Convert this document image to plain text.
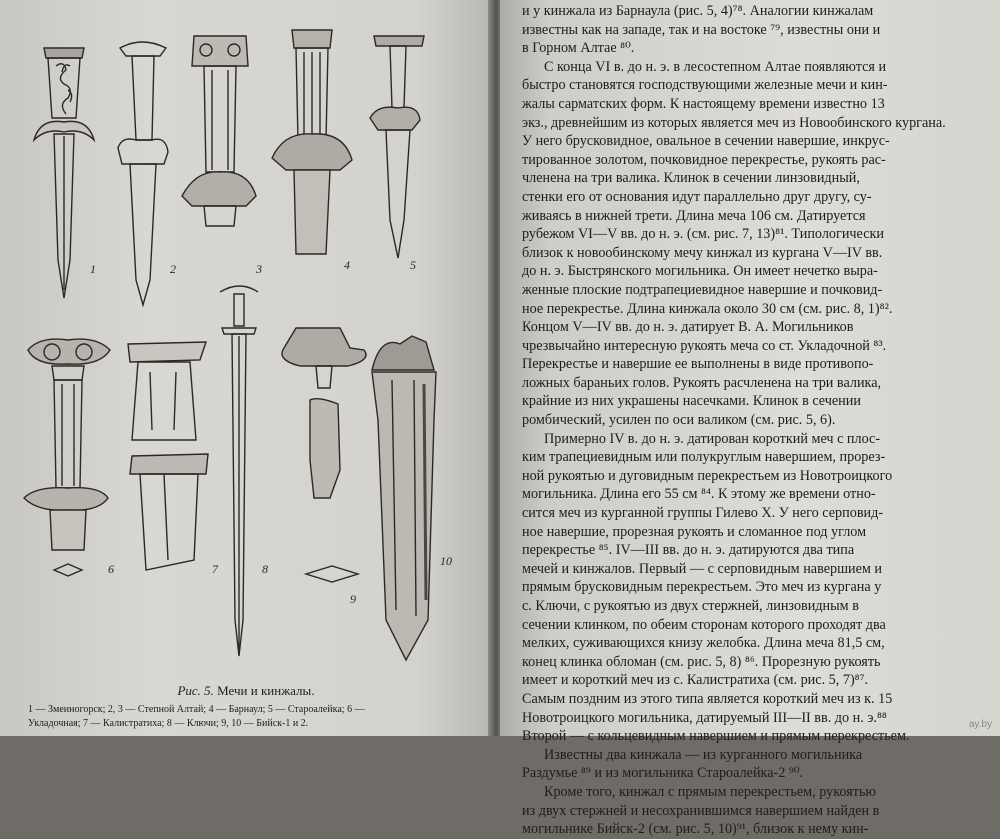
1	2	3	4	5
6	7	8
9
10
Рис. 5. Мечи и кинжалы.
1 — Змеиногорск; 2, 3 — Степной Алтай; 4 — Барнаул; 5 — Староалейка; 6 —
Укладочная; 7 — Калистратиха; 8 — Ключи; 9, 10 — Бийск-1 и 2.

и у кинжала из Барнаула (рис. 5, 4)⁷⁸. Аналогии кинжалам

известны как на западе, так и на востоке ⁷⁹, известны они и

в Горном Алтае ⁸⁰.

С конца VI в. до н. э. в лесостепном Алтае появляются и

быстро становятся господствующими железные мечи и кин-

жалы сарматских форм. К настоящему времени известно 13

экз., древнейшим из которых является меч из Новообинского кургана.

У него брусковидное, овальное в сечении навершие, инкрус-

тированное золотом, почковидное перекрестье, рукоять рас-

членена на три валика. Клинок в сечении линзовидный,

стенки его от основания идут параллельно друг другу, су-

живаясь в нижней трети. Длина меча 106 см. Датируется

рубежом VI—V вв. до н. э. (см. рис. 7, 13)⁸¹. Типологически

близок к новообинскому мечу кинжал из кургана V—IV вв.

до н. э. Быстрянского могильника. Он имеет нечетко выра-

женные плоские подтрапециевидное навершие и почковид-

ное перекрестье. Длина кинжала около 30 см (см. рис. 8, 1)⁸².

Концом V—IV вв. до н. э. датирует В. А. Могильников

чрезвычайно интересную рукоять меча со ст. Укладочной ⁸³.

Перекрестье и навершие ее выполнены в виде противопо-

ложных бараньих голов. Рукоять расчленена на три валика,

крайние из них украшены насечками. Клинок в сечении

ромбический, усилен по оси валиком (см. рис. 5, 6).

Примерно IV в. до н. э. датирован короткий меч с плос-

ким трапециевидным или полукруглым навершием, прорез-

ной рукоятью и дуговидным перекрестьем из Новотроицкого

могильника. Длина его 55 см ⁸⁴. К этому же времени отно-

сится меч из курганной группы Гилево X. У него серповид-

ное навершие, прорезная рукоять и сломанное под углом

перекрестье ⁸⁵. IV—III вв. до н. э. датируются два типа

мечей и кинжалов. Первый — с серповидным навершием и

прямым брусковидным перекрестьем. Это меч из кургана у

с. Ключи, с рукоятью из двух стержней, линзовидным в

сечении клинком, по обеим сторонам которого проходят два

мелких, суживающихся книзу желобка. Длина меча 81,5 см,

конец клинка обломан (см. рис. 5, 8) ⁸⁶. Прорезную рукоять

имеет и короткий меч из с. Калистратиха (см. рис. 5, 7)⁸⁷.

Самым поздним из этого типа является короткий меч из к. 15

Новотроицкого могильника, датируемый III—II вв. до н. э.⁸⁸

Второй — с кольцевидным навершием и прямым перекрестьем.

Известны два кинжала — из курганного могильника

Раздумье ⁸⁹ и из могильника Староалейка-2 ⁹⁰.

Кроме того, кинжал с прямым перекрестьем, рукоятью

из двух стержней и несохранившимся навершием найден в

могильнике Бийск-2 (см. рис. 5, 10)⁹¹, близок к нему кин-

ay.by
